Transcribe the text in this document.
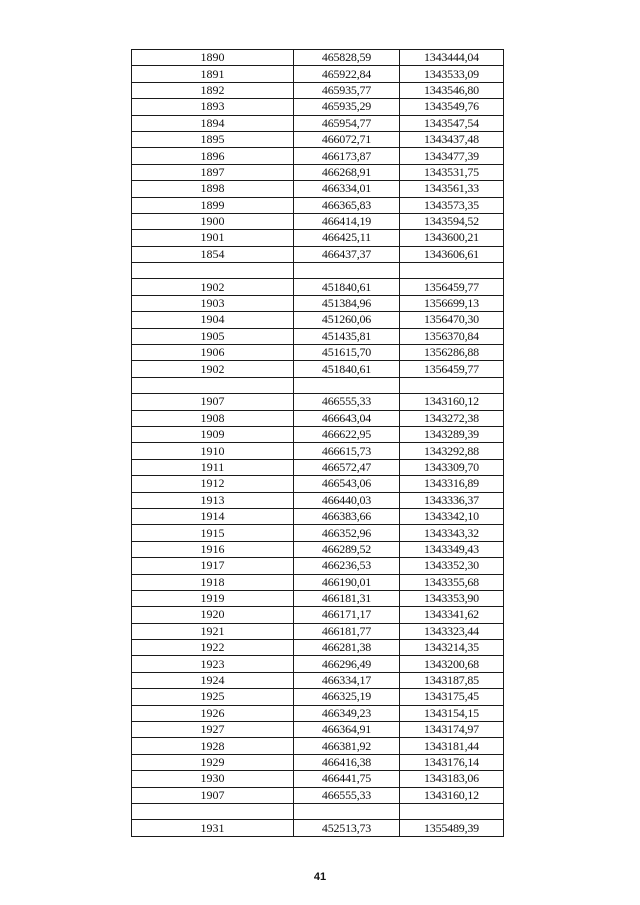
1890	465828,59	1343444,04
1891	465922,84	1343533,09
1892	465935,77	1343546,80
1893	465935,29	1343549,76
1894	465954,77	1343547,54
1895	466072,71	1343437,48
1896	466173,87	1343477,39
1897	466268,91	1343531,75
1898	466334,01	1343561,33
1899	466365,83	1343573,35
1900	466414,19	1343594,52
1901	466425,11	1343600,21
1854	466437,37	1343606,61

1902	451840,61	1356459,77
1903	451384,96	1356699,13
1904	451260,06	1356470,30
1905	451435,81	1356370,84
1906	451615,70	1356286,88
1902	451840,61	1356459,77

1907	466555,33	1343160,12
1908	466643,04	1343272,38
1909	466622,95	1343289,39
1910	466615,73	1343292,88
1911	466572,47	1343309,70
1912	466543,06	1343316,89
1913	466440,03	1343336,37
1914	466383,66	1343342,10
1915	466352,96	1343343,32
1916	466289,52	1343349,43
1917	466236,53	1343352,30
1918	466190,01	1343355,68
1919	466181,31	1343353,90
1920	466171,17	1343341,62
1921	466181,77	1343323,44
1922	466281,38	1343214,35
1923	466296,49	1343200,68
1924	466334,17	1343187,85
1925	466325,19	1343175,45
1926	466349,23	1343154,15
1927	466364,91	1343174,97
1928	466381,92	1343181,44
1929	466416,38	1343176,14
1930	466441,75	1343183,06
1907	466555,33	1343160,12

1931	452513,73	1355489,39
41
